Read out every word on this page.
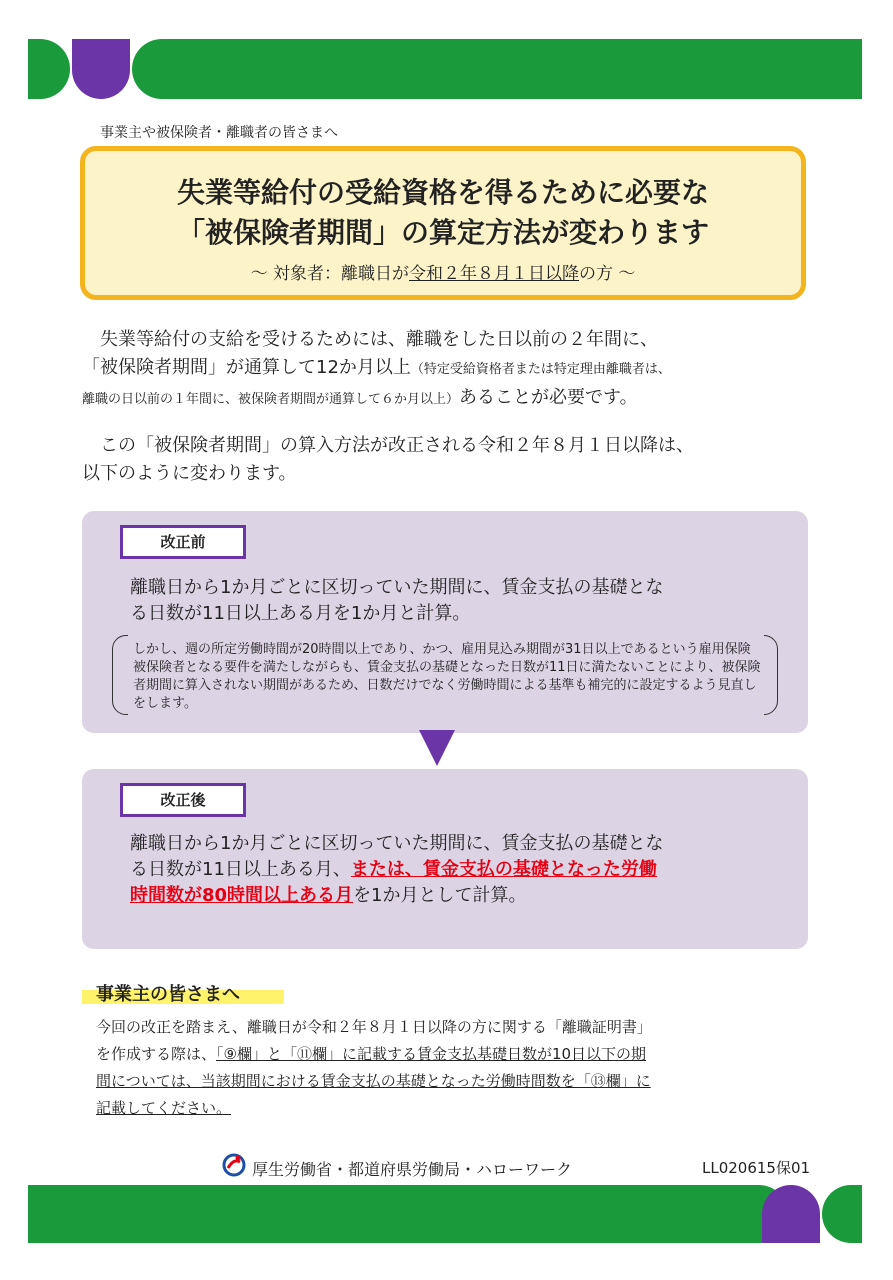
事業主や被保険者・離職者の皆さまへ
失業等給付の受給資格を得るために必要な
「被保険者期間」の算定方法が変わります
～ 対象者：離職日が令和２年８月１日以降の方 ～
失業等給付の支給を受けるためには、離職をした日以前の２年間に、
「被保険者期間」が通算して12か月以上（特定受給資格者または特定理由離職者は、
離職の日以前の１年間に、被保険者期間が通算して６か月以上）あることが必要です。
この「被保険者期間」の算入方法が改正される令和２年８月１日以降は、
以下のように変わります。
改正前
離職日から1か月ごとに区切っていた期間に、賃金支払の基礎とな
る日数が11日以上ある月を1か月と計算。
しかし、週の所定労働時間が20時間以上であり、かつ、雇用見込み期間が31日以上であるという雇用保険被保険者となる要件を満たしながらも、賃金支払の基礎となった日数が11日に満たないことにより、被保険者期間に算入されない期間があるため、日数だけでなく労働時間による基準も補完的に設定するよう見直しをします。
改正後
離職日から1か月ごとに区切っていた期間に、賃金支払の基礎とな
る日数が11日以上ある月、または、賃金支払の基礎となった労働
時間数が80時間以上ある月を1か月として計算。
事業主の皆さまへ
今回の改正を踏まえ、離職日が令和２年８月１日以降の方に関する「離職証明書」
を作成する際は、「⑨欄」と「⑪欄」に記載する賃金支払基礎日数が10日以下の期
間については、当該期間における賃金支払の基礎となった労働時間数を「⑬欄」に
記載してください。
厚生労働省・都道府県労働局・ハローワーク	LL020615保01
